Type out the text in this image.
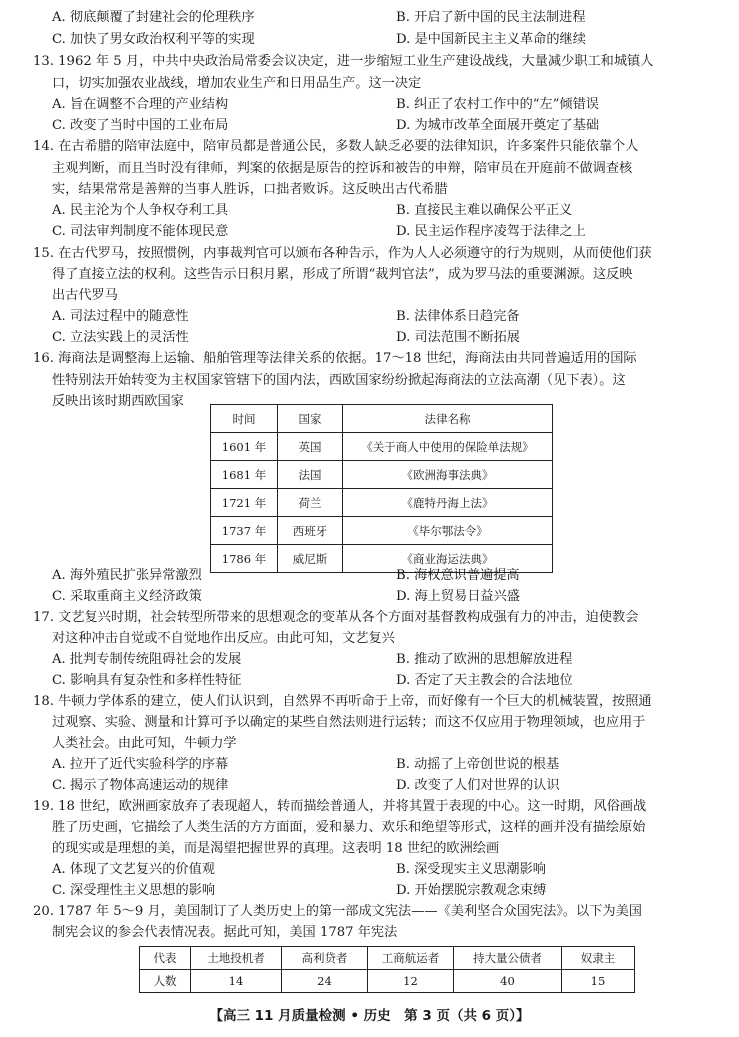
A. 彻底颠覆了封建社会的伦理秩序	B. 开启了新中国的民主法制进程
C. 加快了男女政治权利平等的实现	D. 是中国新民主主义革命的继续
13. 1962 年 5 月，中共中央政治局常委会议决定，进一步缩短工业生产建设战线，大量减少职工和城镇人
口，切实加强农业战线，增加农业生产和日用品生产。这一决定
A. 旨在调整不合理的产业结构	B. 纠正了农村工作中的“左”倾错误
C. 改变了当时中国的工业布局	D. 为城市改革全面展开奠定了基础
14. 在古希腊的陪审法庭中，陪审员都是普通公民，多数人缺乏必要的法律知识，许多案件只能依靠个人
主观判断，而且当时没有律师，判案的依据是原告的控诉和被告的申辩，陪审员在开庭前不做调查核
实，结果常常是善辩的当事人胜诉，口拙者败诉。这反映出古代希腊
A. 民主沦为个人争权夺利工具	B. 直接民主难以确保公平正义
C. 司法审判制度不能体现民意	D. 民主运作程序凌驾于法律之上
15. 在古代罗马，按照惯例，内事裁判官可以颁布各种告示，作为人人必须遵守的行为规则，从而使他们获
得了直接立法的权利。这些告示日积月累，形成了所谓“裁判官法”，成为罗马法的重要渊源。这反映
出古代罗马
A. 司法过程中的随意性	B. 法律体系日趋完备
C. 立法实践上的灵活性	D. 司法范围不断拓展
16. 海商法是调整海上运输、船舶管理等法律关系的依据。17～18 世纪，海商法由共同普遍适用的国际
性特别法开始转变为主权国家管辖下的国内法，西欧国家纷纷掀起海商法的立法高潮（见下表）。这
反映出该时期西欧国家
时间	国家	法律名称
1601 年	英国	《关于商人中使用的保险单法规》
1681 年	法国	《欧洲海事法典》
1721 年	荷兰	《鹿特丹海上法》
1737 年	西班牙	《毕尔鄂法令》
1786 年	威尼斯	《商业海运法典》
A. 海外殖民扩张异常激烈	B. 海权意识普遍提高
C. 采取重商主义经济政策	D. 海上贸易日益兴盛
17. 文艺复兴时期，社会转型所带来的思想观念的变革从各个方面对基督教构成强有力的冲击，迫使教会
对这种冲击自觉或不自觉地作出反应。由此可知，文艺复兴
A. 批判专制传统阻碍社会的发展	B. 推动了欧洲的思想解放进程
C. 影响具有复杂性和多样性特征	D. 否定了天主教会的合法地位
18. 牛顿力学体系的建立，使人们认识到，自然界不再听命于上帝，而好像有一个巨大的机械装置，按照通
过观察、实验、测量和计算可予以确定的某些自然法则进行运转；而这不仅应用于物理领域，也应用于
人类社会。由此可知，牛顿力学
A. 拉开了近代实验科学的序幕	B. 动摇了上帝创世说的根基
C. 揭示了物体高速运动的规律	D. 改变了人们对世界的认识
19. 18 世纪，欧洲画家放弃了表现超人，转而描绘普通人，并将其置于表现的中心。这一时期，风俗画战
胜了历史画，它描绘了人类生活的方方面面，爱和暴力、欢乐和绝望等形式，这样的画并没有描绘原始
的现实或是理想的美，而是渴望把握世界的真理。这表明 18 世纪的欧洲绘画
A. 体现了文艺复兴的价值观	B. 深受现实主义思潮影响
C. 深受理性主义思想的影响	D. 开始摆脱宗教观念束缚
20. 1787 年 5～9 月，美国制订了人类历史上的第一部成文宪法——《美利坚合众国宪法》。以下为美国
制宪会议的参会代表情况表。据此可知，美国 1787 年宪法
代表	土地投机者	高利贷者	工商航运者	持大量公债者	奴隶主
人数	14	24	12	40	15
【高三 11 月质量检测 • 历史　第 3 页（共 6 页）】
